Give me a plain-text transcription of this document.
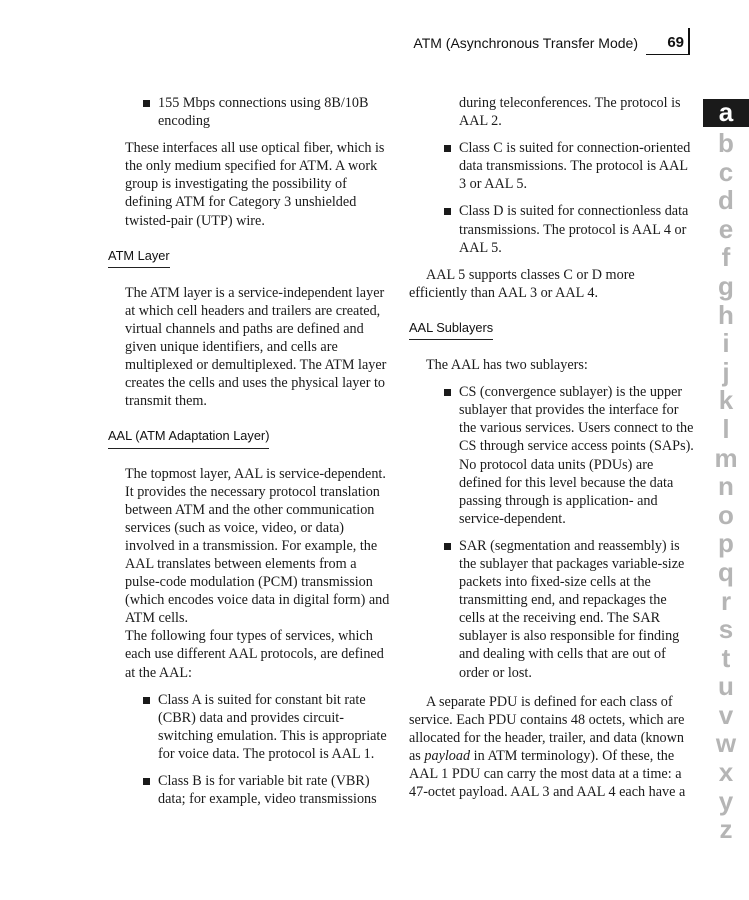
ATM (Asynchronous Transfer Mode) 69
155 Mbps connections using 8B/10B encoding

These interfaces all use optical fiber, which is the only medium specified for ATM. A work group is investigating the possibility of defining ATM for Category 3 unshielded twisted-pair (UTP) wire.

ATM Layer

The ATM layer is a service-independent layer at which cell headers and trailers are created, virtual channels and paths are defined and given unique identifiers, and cells are multiplexed or demultiplexed. The ATM layer creates the cells and uses the physical layer to transmit them.

AAL (ATM Adaptation Layer)

The topmost layer, AAL is service-dependent. It provides the necessary protocol translation between ATM and the other communication services (such as voice, video, or data) involved in a transmission. For example, the AAL translates between elements from a pulse-code modulation (PCM) transmission (which encodes voice data in digital form) and ATM cells.

The following four types of services, which each use different AAL protocols, are defined at the AAL:

Class A is suited for constant bit rate (CBR) data and provides circuit-switching emulation. This is appropriate for voice data. The protocol is AAL 1.
Class B is for variable bit rate (VBR) data; for example, video transmissions

during teleconferences. The protocol is AAL 2.

Class C is suited for connection-oriented data transmissions. The protocol is AAL 3 or AAL 5.
Class D is suited for connectionless data transmissions. The protocol is AAL 4 or AAL 5.

AAL 5 supports classes C or D more efficiently than AAL 3 or AAL 4.

AAL Sublayers

The AAL has two sublayers:

CS (convergence sublayer) is the upper sublayer that provides the interface for the various services. Users connect to the CS through service access points (SAPs). No protocol data units (PDUs) are defined for this level because the data passing through is application- and service-dependent.
SAR (segmentation and reassembly) is the sublayer that packages variable-size packets into fixed-size cells at the transmitting end, and repackages the cells at the receiving end. The SAR sublayer is also responsible for finding and dealing with cells that are out of order or lost.

A separate PDU is defined for each class of service. Each PDU contains 48 octets, which are allocated for the header, trailer, and data (known as payload in ATM terminology). Of these, the AAL 1 PDU can carry the most data at a time: a 47-octet payload. AAL 3 and AAL 4 each have a

a
b
c
d
e
f
g
h
i
j
k
l
m
n
o
p
q
r
s
t
u
v
w
x
y
z
